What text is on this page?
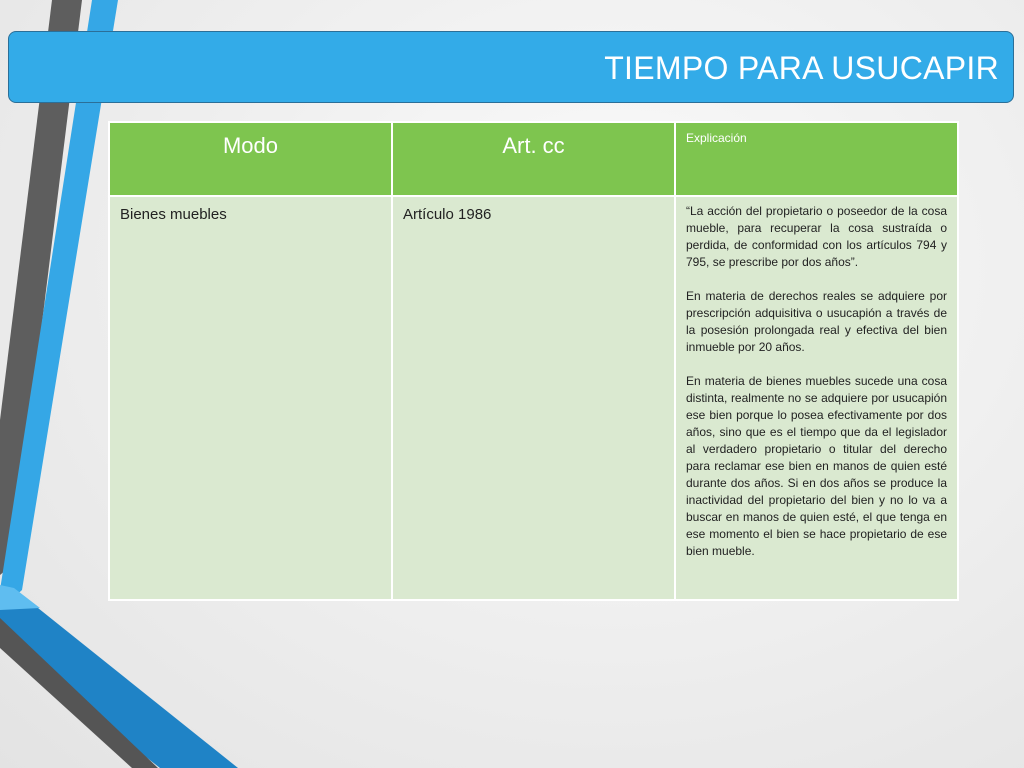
TIEMPO PARA USUCAPIR
Modo	Art. cc	Explicación
Bienes muebles	Artículo 1986	“La acción del propietario o poseedor de la cosa mueble, para recuperar la cosa sustraída o perdida, de conformidad con los artículos 794 y 795, se prescribe por dos años”.

En materia de derechos reales se adquiere por prescripción adquisitiva o usucapión a través de la posesión prolongada real y efectiva del bien inmueble por 20 años.

En materia de bienes muebles sucede una cosa distinta, realmente no se adquiere por usucapión ese bien porque lo posea efectivamente por dos años, sino que es el tiempo que da el legislador al verdadero propietario o titular del derecho para reclamar ese bien en manos de quien esté durante dos años. Si en dos años se produce la inactividad del propietario del bien y no lo va a buscar en manos de quien esté, el que tenga en ese momento el bien se hace propietario de ese bien mueble.
